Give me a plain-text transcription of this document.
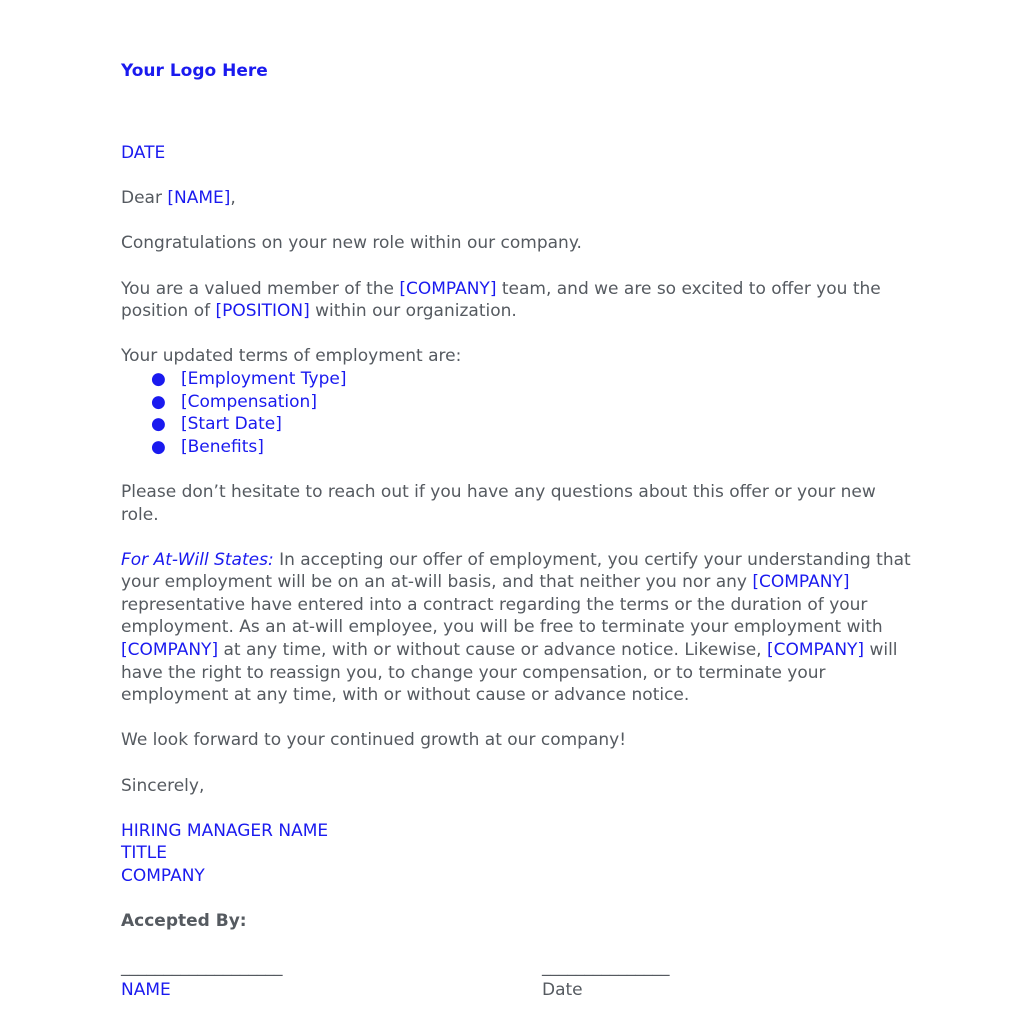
Your Logo Here

DATE

Dear [NAME],

Congratulations on your new role within our company.

You are a valued member of the [COMPANY] team, and we are so excited to offer you the position of [POSITION] within our organization.

Your updated terms of employment are:

● [Employment Type]
● [Compensation]
● [Start Date]
● [Benefits]

Please don’t hesitate to reach out if you have any questions about this offer or your new role.

For At-Will States: In accepting our offer of employment, you certify your understanding that your employment will be on an at-will basis, and that neither you nor any [COMPANY] representative have entered into a contract regarding the terms or the duration of your employment. As an at-will employee, you will be free to terminate your employment with [COMPANY] at any time, with or without cause or advance notice. Likewise, [COMPANY] will have the right to reassign you, to change your compensation, or to terminate your employment at any time, with or without cause or advance notice.

We look forward to your continued growth at our company!

Sincerely,

HIRING MANAGER NAME

TITLE

COMPANY

Accepted By:
___________________
NAME
_______________
Date
